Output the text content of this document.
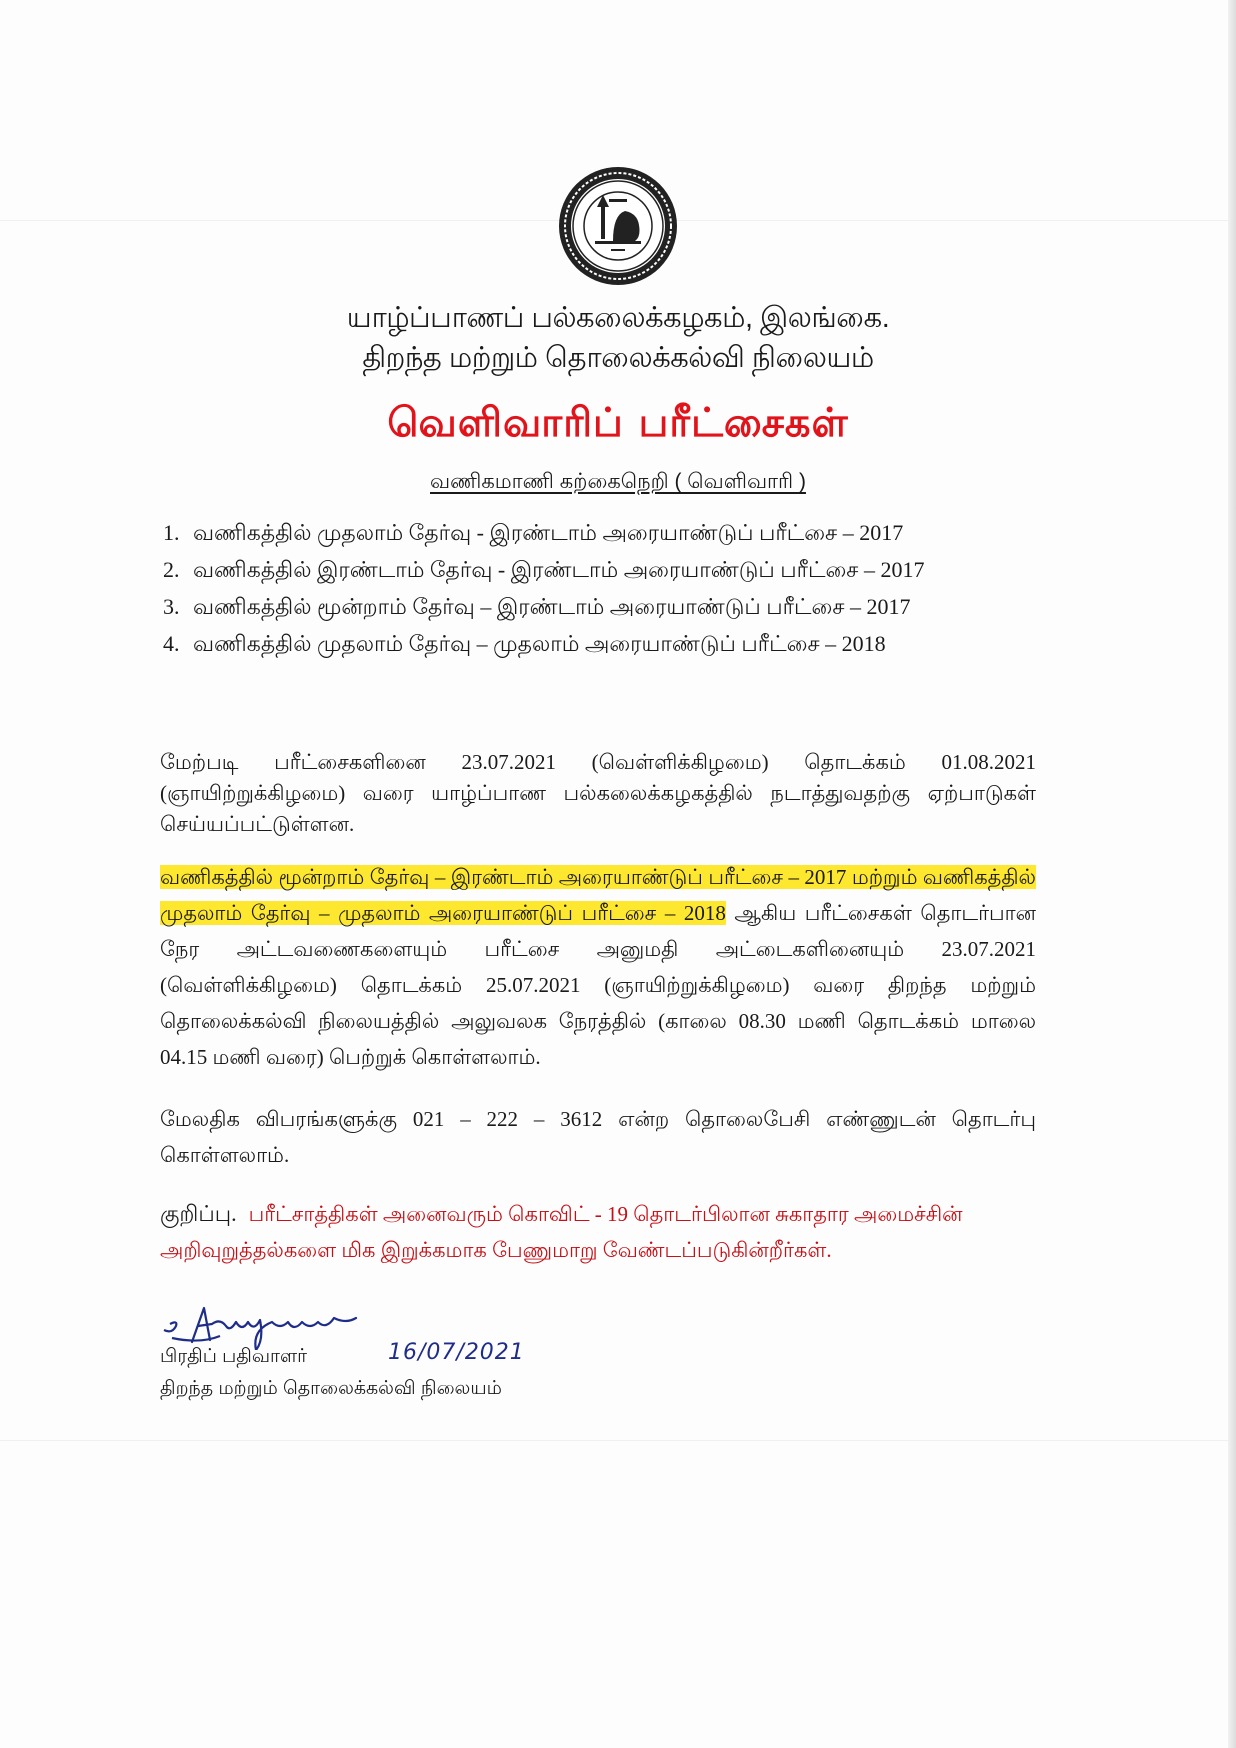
யாழ்ப்பாணப் பல்கலைக்கழகம், இலங்கை.
திறந்த மற்றும் தொலைக்கல்வி நிலையம்
வெளிவாரிப் பரீட்சைகள்
வணிகமாணி கற்கைநெறி ( வெளிவாரி )
1. வணிகத்தில் முதலாம் தேர்வு - இரண்டாம் அரையாண்டுப் பரீட்சை – 2017
2. வணிகத்தில் இரண்டாம் தேர்வு - இரண்டாம் அரையாண்டுப் பரீட்சை – 2017
3. வணிகத்தில் மூன்றாம் தேர்வு – இரண்டாம் அரையாண்டுப் பரீட்சை – 2017
4. வணிகத்தில் முதலாம் தேர்வு – முதலாம் அரையாண்டுப் பரீட்சை – 2018

மேற்படி பரீட்சைகளினை 23.07.2021 (வெள்ளிக்கிழமை) தொடக்கம் 01.08.2021 (ஞாயிற்றுக்கிழமை) வரை யாழ்ப்பாண பல்கலைக்கழகத்தில் நடாத்துவதற்கு ஏற்பாடுகள் செய்யப்பட்டுள்ளன.

வணிகத்தில் மூன்றாம் தேர்வு – இரண்டாம் அரையாண்டுப் பரீட்சை – 2017 மற்றும் வணிகத்தில் முதலாம் தேர்வு – முதலாம் அரையாண்டுப் பரீட்சை – 2018 ஆகிய பரீட்சைகள் தொடர்பான நேர அட்டவணைகளையும் பரீட்சை அனுமதி அட்டைகளினையும் 23.07.2021 (வெள்ளிக்கிழமை) தொடக்கம் 25.07.2021 (ஞாயிற்றுக்கிழமை) வரை திறந்த மற்றும் தொலைக்கல்வி நிலையத்தில் அலுவலக நேரத்தில் (காலை 08.30 மணி தொடக்கம் மாலை 04.15 மணி வரை) பெற்றுக் கொள்ளலாம்.

மேலதிக விபரங்களுக்கு 021 – 222 – 3612 என்ற தொலைபேசி எண்ணுடன் தொடர்பு கொள்ளலாம்.

குறிப்பு. பரீட்சாத்திகள் அனைவரும் கொவிட் - 19 தொடர்பிலான சுகாதார அமைச்சின் அறிவுறுத்தல்களை மிக இறுக்கமாக பேணுமாறு வேண்டப்படுகின்றீர்கள்.

16/07/2021
பிரதிப் பதிவாளர்
திறந்த மற்றும் தொலைக்கல்வி நிலையம்
